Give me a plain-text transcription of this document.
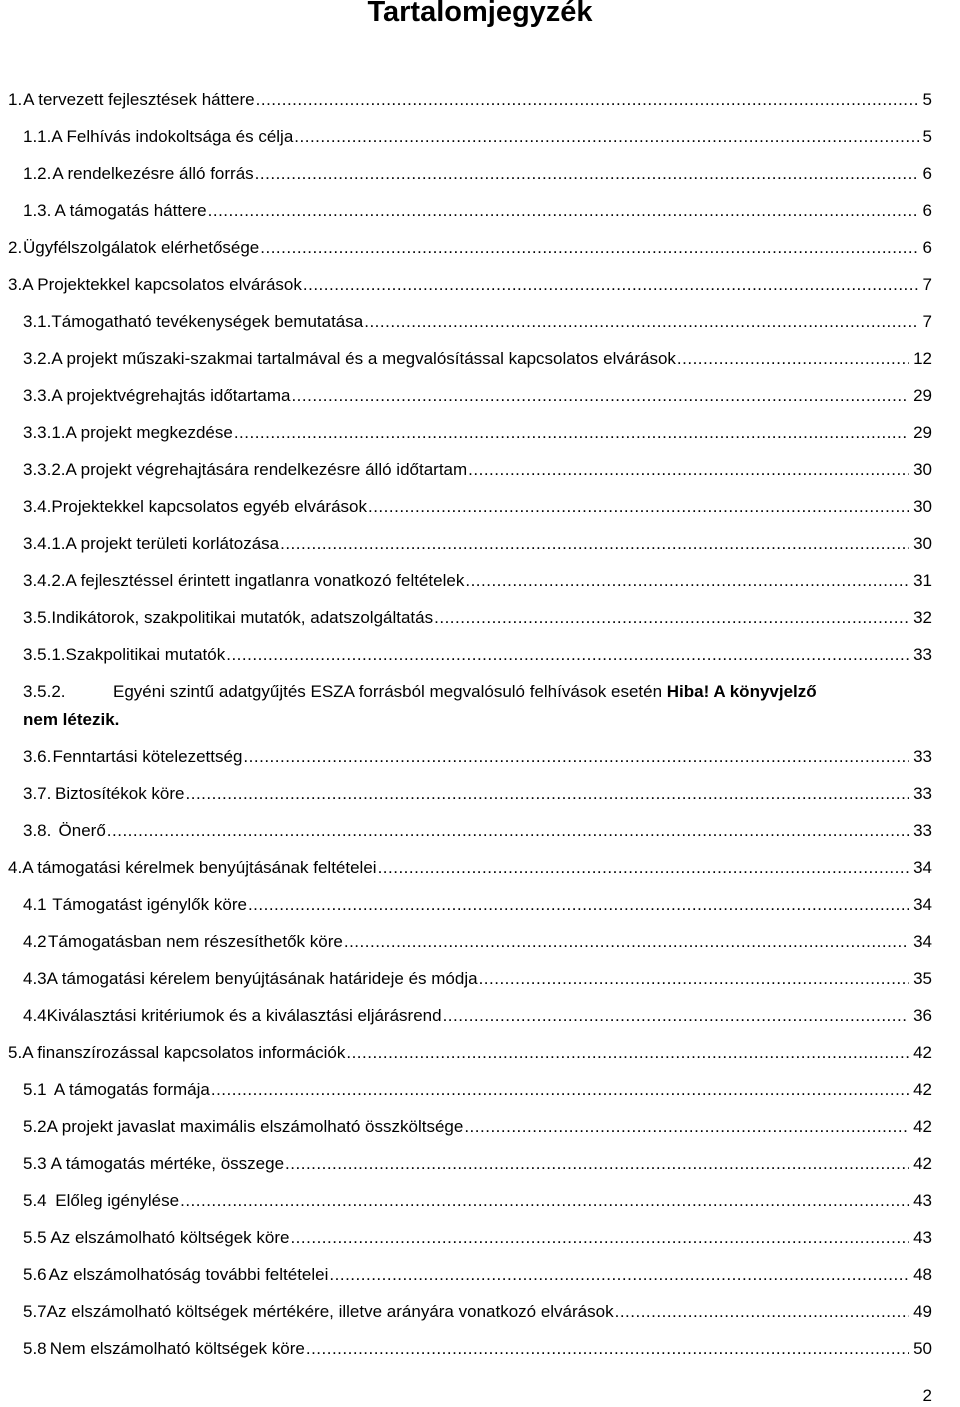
Tartalomjegyzék
1. A tervezett fejlesztések háttere .....	5
1.1. A Felhívás indokoltsága és célja .....	5
1.2. A rendelkezésre álló forrás .....	6
1.3. A támogatás háttere .....	6
2. Ügyfélszolgálatok elérhetősége .....	6
3. A Projektekkel kapcsolatos elvárások .....	7
3.1. Támogatható tevékenységek bemutatása .....	7
3.2. A projekt műszaki-szakmai tartalmával és a megvalósítással kapcsolatos elvárások .....	12
3.3. A projektvégrehajtás időtartama .....	29
3.3.1. A projekt megkezdése .....	29
3.3.2. A projekt végrehajtására rendelkezésre álló időtartam .....	30
3.4. Projektekkel kapcsolatos egyéb elvárások .....	30
3.4.1. A projekt területi korlátozása .....	30
3.4.2. A fejlesztéssel érintett ingatlanra vonatkozó feltételek .....	31
3.5. Indikátorok, szakpolitikai mutatók, adatszolgáltatás .....	32
3.5.1. Szakpolitikai mutatók .....	33
3.5.2.	Egyéni szintű adatgyűjtés ESZA forrásból megvalósuló felhívások esetén Hiba! A könyvjelző
nem létezik.
3.6. Fenntartási kötelezettség .....	33
3.7. Biztosítékok köre .....	33
3.8. Önerő .....	33
4. A támogatási kérelmek benyújtásának feltételei .....	34
4.1 Támogatást igénylők köre .....	34
4.2 Támogatásban nem részesíthetők köre .....	34
4.3 A támogatási kérelem benyújtásának határideje és módja .....	35
4.4 Kiválasztási kritériumok és a kiválasztási eljárásrend .....	36
5. A finanszírozással kapcsolatos információk .....	42
5.1 A támogatás formája .....	42
5.2 A projekt javaslat maximális elszámolható összköltsége .....	42
5.3 A támogatás mértéke, összege .....	42
5.4 Előleg igénylése .....	43
5.5 Az elszámolható költségek köre .....	43
5.6 Az elszámolhatóság további feltételei .....	48
5.7 Az elszámolható költségek mértékére, illetve arányára vonatkozó elvárások .....	49
5.8 Nem elszámolható költségek köre .....	50
2
